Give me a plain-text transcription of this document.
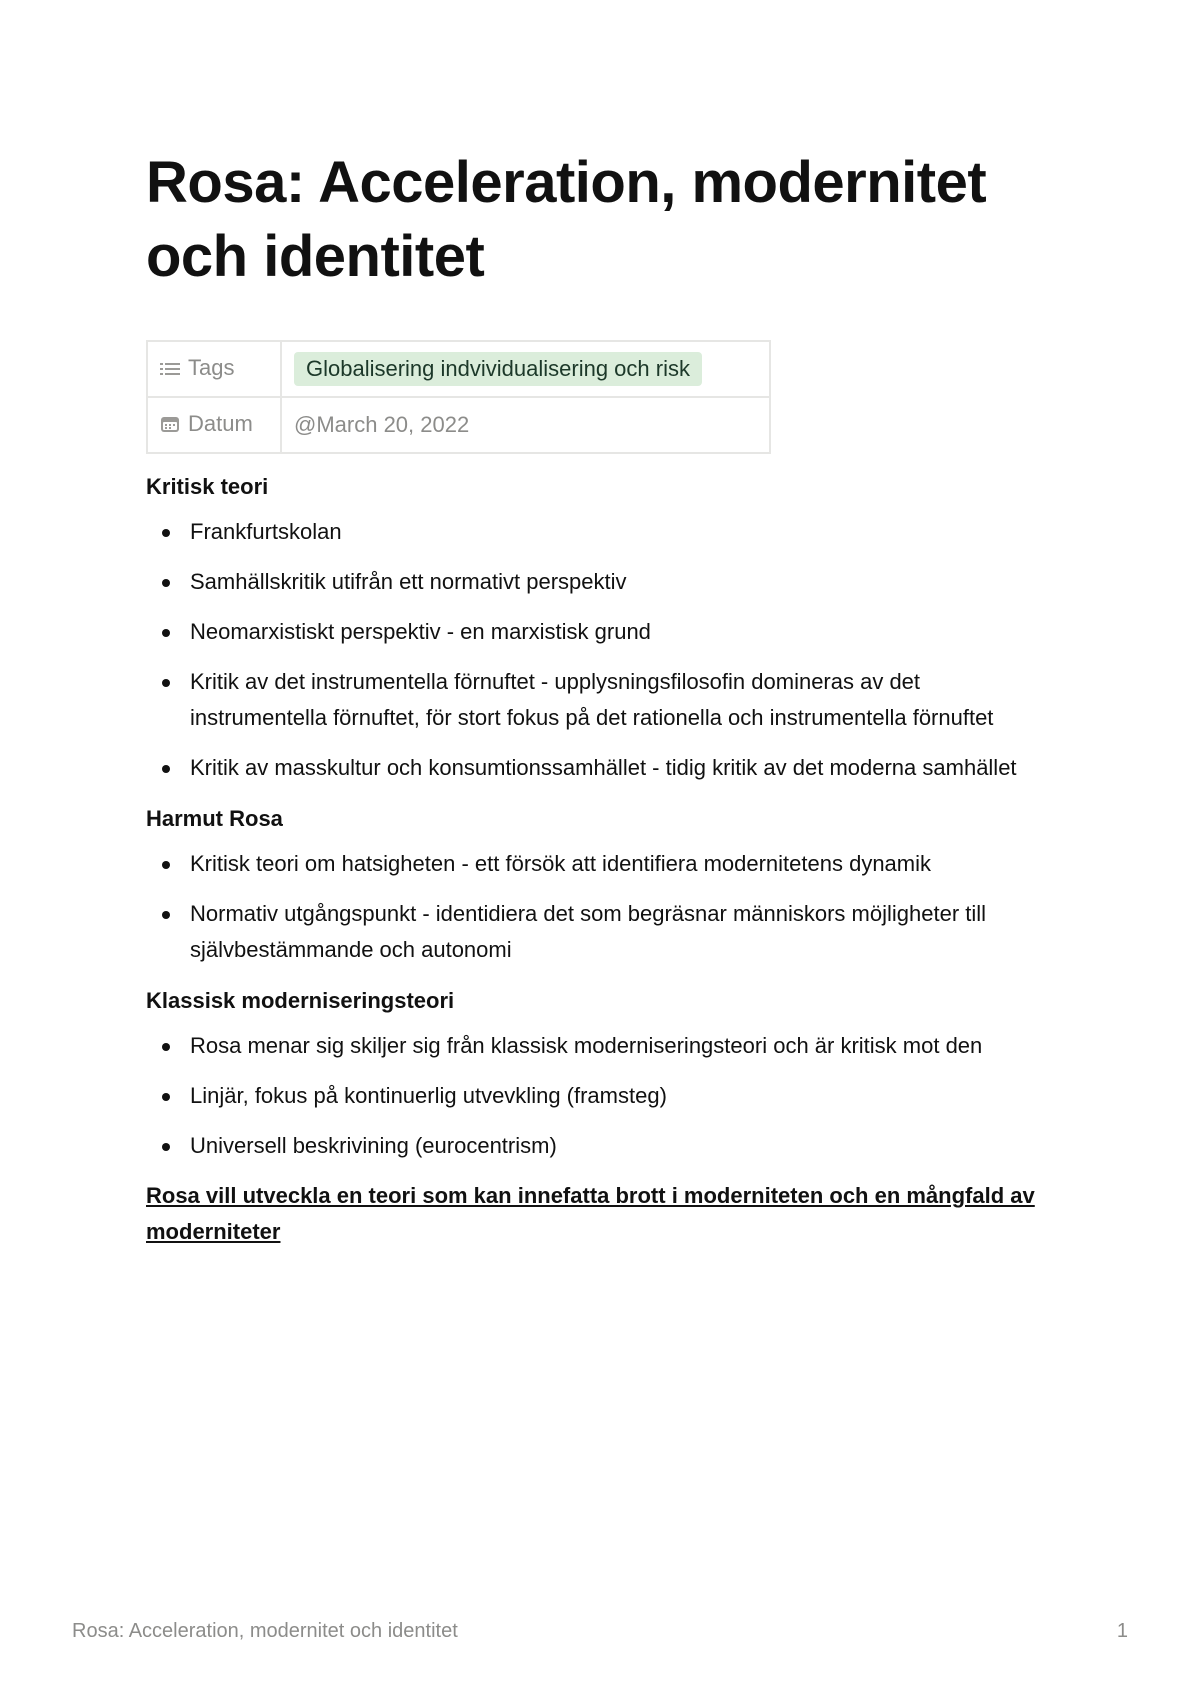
Rosa: Acceleration, modernitet och identitet
Tags	Globalisering indvividualisering och risk
Datum	@March 20, 2022
Kritisk teori
Frankfurtskolan
Samhällskritik utifrån ett normativt perspektiv
Neomarxistiskt perspektiv - en marxistisk grund
Kritik av det instrumentella förnuftet - upplysningsfilosofin domineras av det instrumentella förnuftet, för stort fokus på det rationella och instrumentella förnuftet
Kritik av masskultur och konsumtionssamhället - tidig kritik av det moderna samhället
Harmut Rosa
Kritisk teori om hatsigheten - ett försök att identifiera modernitetens dynamik
Normativ utgångspunkt - identidiera det som begräsnar människors möjligheter till självbestämmande och autonomi
Klassisk moderniseringsteori
Rosa menar sig skiljer sig från klassisk moderniseringsteori och är kritisk mot den
Linjär, fokus på kontinuerlig utvevkling (framsteg)
Universell beskrivining (eurocentrism)

Rosa vill utveckla en teori som kan innefatta brott i moderniteten och en mångfald av moderniteter

Rosa: Acceleration, modernitet och identitet	1
